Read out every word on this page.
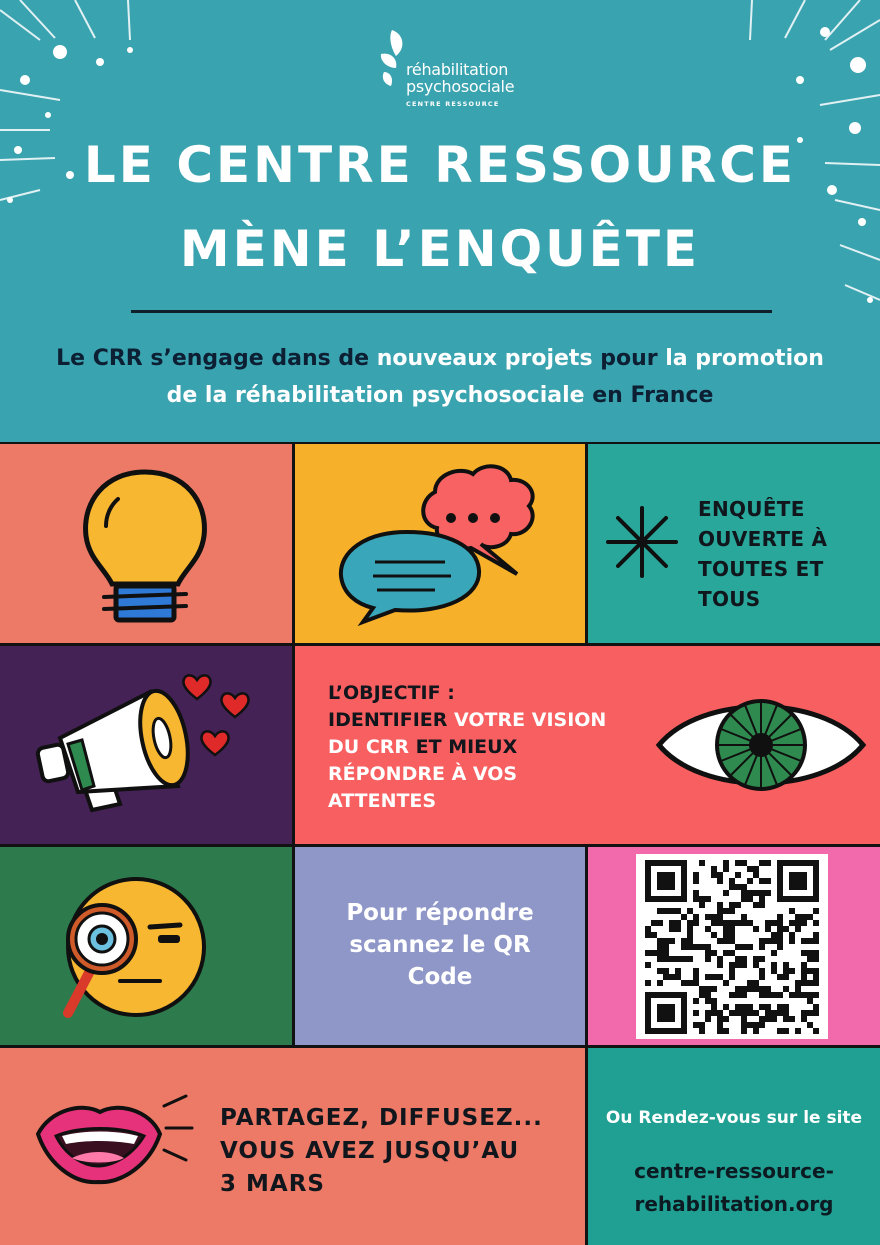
réhabilitation
psychosociale
CENTRE RESSOURCE
LE CENTRE RESSOURCE
MÈNE L’ENQUÊTE
Le CRR s’engage dans de nouveaux projets pour la promotion
de la réhabilitation psychosociale en France
ENQUÊTE
OUVERTE À
TOUTES ET
TOUS
L’OBJECTIF :
IDENTIFIER VOTRE VISION
DU CRR ET MIEUX
RÉPONDRE À VOS
ATTENTES
Pour répondre
scannez le QR
Code
PARTAGEZ, DIFFUSEZ...
VOUS AVEZ JUSQU’AU
3 MARS
Ou Rendez-vous sur le site
centre-ressource-
rehabilitation.org
